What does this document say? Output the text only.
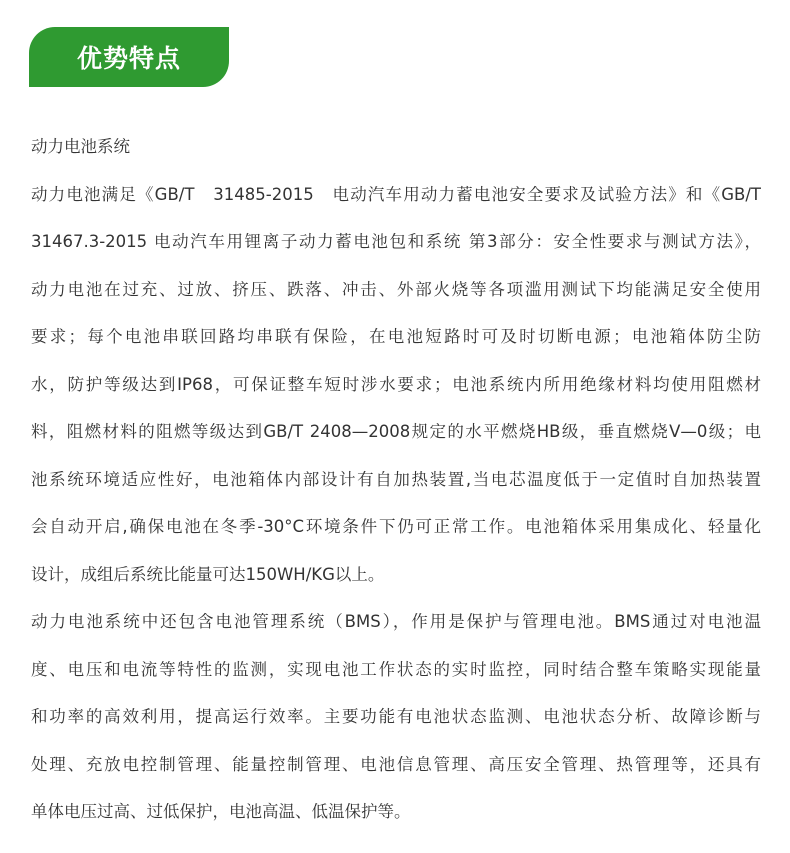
优势特点
动力电池系统
动力电池满足《GB/T　31485-2015　电动汽车用动力蓄电池安全要求及试验方法》和《GB/T
31467.3-2015 电动汽车用锂离子动力蓄电池包和系统 第3部分：安全性要求与测试方法》，
动力电池在过充、过放、挤压、跌落、冲击、外部火烧等各项滥用测试下均能满足安全使用
要求；每个电池串联回路均串联有保险，在电池短路时可及时切断电源；电池箱体防尘防
水，防护等级达到IP68，可保证整车短时涉水要求；电池系统内所用绝缘材料均使用阻燃材
料，阻燃材料的阻燃等级达到GB/T 2408—2008规定的水平燃烧HB级，垂直燃烧V—0级；电
池系统环境适应性好，电池箱体内部设计有自加热装置,当电芯温度低于一定值时自加热装置
会自动开启,确保电池在冬季-30°C环境条件下仍可正常工作。电池箱体采用集成化、轻量化
设计，成组后系统比能量可达150WH/KG以上。
动力电池系统中还包含电池管理系统（BMS），作用是保护与管理电池。BMS通过对电池温
度、电压和电流等特性的监测，实现电池工作状态的实时监控，同时结合整车策略实现能量
和功率的高效利用，提高运行效率。主要功能有电池状态监测、电池状态分析、故障诊断与
处理、充放电控制管理、能量控制管理、电池信息管理、高压安全管理、热管理等，还具有
单体电压过高、过低保护，电池高温、低温保护等。
